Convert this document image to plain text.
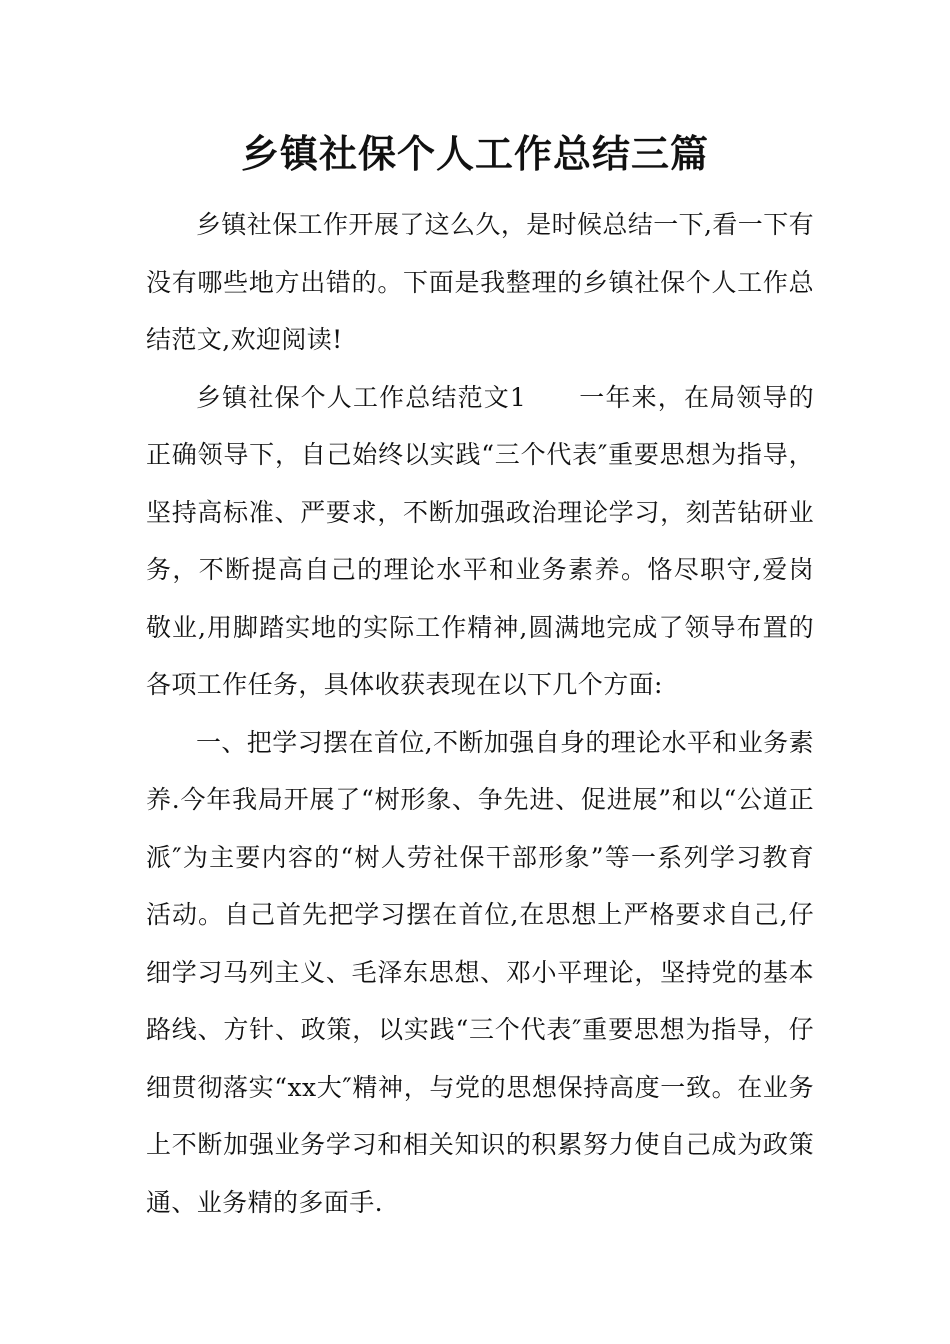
乡镇社保个人工作总结三篇

乡镇社保工作开展了这么久，是时候总结一下,看一下有没有哪些地方出错的。下面是我整理的乡镇社保个人工作总结范文,欢迎阅读!

乡镇社保个人工作总结范文1　　一年来，在局领导的正确领导下，自己始终以实践“三个代表″重要思想为指导，坚持高标准、严要求，不断加强政治理论学习，刻苦钻研业务，不断提高自己的理论水平和业务素养。恪尽职守,爱岗敬业,用脚踏实地的实际工作精神,圆满地完成了领导布置的各项工作任务，具体收获表现在以下几个方面:

一、把学习摆在首位,不断加强自身的理论水平和业务素养.今年我局开展了“树形象、争先进、促进展”和以“公道正派″为主要内容的“树人劳社保干部形象”等一系列学习教育活动。自己首先把学习摆在首位,在思想上严格要求自己,仔细学习马列主义、毛泽东思想、邓小平理论，坚持党的基本路线、方针、政策，以实践“三个代表″重要思想为指导，仔细贯彻落实“xx大″精神，与党的思想保持高度一致。在业务上不断加强业务学习和相关知识的积累努力使自己成为政策通、业务精的多面手.
